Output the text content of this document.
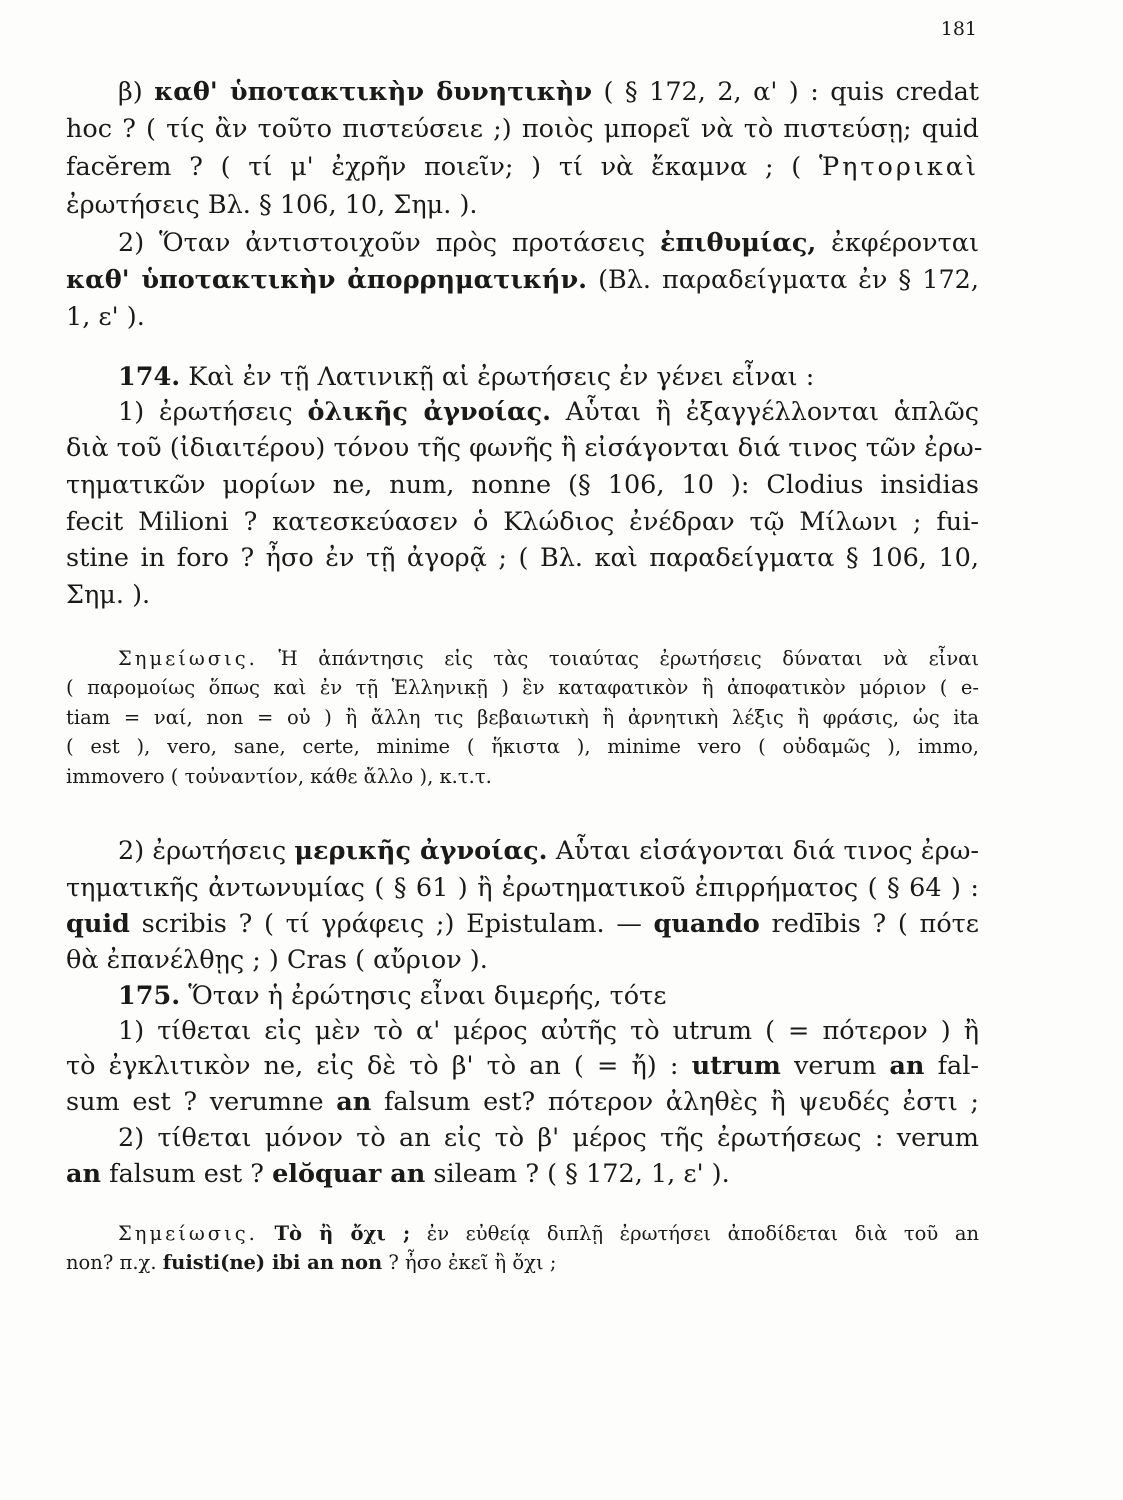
181
β) καθ' ὑποτακτικὴν δυνητικὴν ( § 172, 2, α' ) : quis credat
hoc ? ( τίς ἂν τοῦτο πιστεύσειε ;) ποιὸς μπορεῖ νὰ τὸ πιστεύσῃ; quid
facĕrem ? ( τί μ' ἐχρῆν ποιεῖν; ) τί νὰ ἔκαμνα ; ( Ῥητορικαὶ
ἐρωτήσεις Βλ. § 106, 10, Σημ. ).
2) Ὅταν ἀντιστοιχοῦν πρὸς προτάσεις ἐπιθυμίας, ἐκφέρονται
καθ' ὑποτακτικὴν ἀπορρηματικήν. (Βλ. παραδείγματα ἐν § 172,
1, ε' ).
174. Καὶ ἐν τῇ Λατινικῇ αἱ ἐρωτήσεις ἐν γένει εἶναι :
1) ἐρωτήσεις ὁλικῆς ἀγνοίας. Αὗται ἢ ἐξαγγέλλονται ἁπλῶς
διὰ τοῦ (ἰδιαιτέρου) τόνου τῆς φωνῆς ἢ εἰσάγονται διά τινος τῶν ἐρω-
τηματικῶν μορίων ne, num, nonne (§ 106, 10 ): Clodius insidias
fecit Milioni ? κατεσκεύασεν ὁ Κλώδιος ἐνέδραν τῷ Μίλωνι ; fui-
stine in foro ? ἦσο ἐν τῇ ἀγορᾷ ; ( Βλ. καὶ παραδείγματα § 106, 10,
Σημ. ).
Σημείωσις. Ἡ ἀπάντησις εἰς τὰς τοιαύτας ἐρωτήσεις δύναται νὰ εἶναι
( παρομοίως ὅπως καὶ ἐν τῇ Ἑλληνικῇ ) ἓν καταφατικὸν ἢ ἀποφατικὸν μόριον ( e-
tiam = ναί, non = οὐ ) ἢ ἄλλη τις βεβαιωτικὴ ἢ ἀρνητικὴ λέξις ἢ φράσις, ὡς ita
( est ), vero, sane, certe, minime ( ἥκιστα ), minime vero ( οὐδαμῶς ), immo,
immovero ( τοὐναντίον, κάθε ἄλλο ), κ.τ.τ.
2) ἐρωτήσεις μερικῆς ἀγνοίας. Αὗται εἰσάγονται διά τινος ἐρω-
τηματικῆς ἀντωνυμίας ( § 61 ) ἢ ἐρωτηματικοῦ ἐπιρρήματος ( § 64 ) :
quid scribis ? ( τί γράφεις ;) Epistulam. — quando redībis ? ( πότε
θὰ ἐπανέλθῃς ; ) Cras ( αὔριον ).
175. Ὅταν ἡ ἐρώτησις εἶναι διμερής, τότε
1) τίθεται εἰς μὲν τὸ α' μέρος αὐτῆς τὸ utrum ( = πότερον ) ἢ
τὸ ἐγκλιτικὸν ne, εἰς δὲ τὸ β' τὸ an ( = ἤ) : utrum verum an fal-
sum est ? verumne an falsum est? πότερον ἀληθὲς ἢ ψευδές ἐστι ;
2) τίθεται μόνον τὸ an εἰς τὸ β' μέρος τῆς ἐρωτήσεως : verum
an falsum est ? elŏquar an sileam ? ( § 172, 1, ε' ).
Σημείωσις. Τὸ ἢ ὄχι ; ἐν εὐθείᾳ διπλῇ ἐρωτήσει ἀποδίδεται διὰ τοῦ an
non? π.χ. fuisti(ne) ibi an non ? ἦσο ἐκεῖ ἢ ὄχι ;
